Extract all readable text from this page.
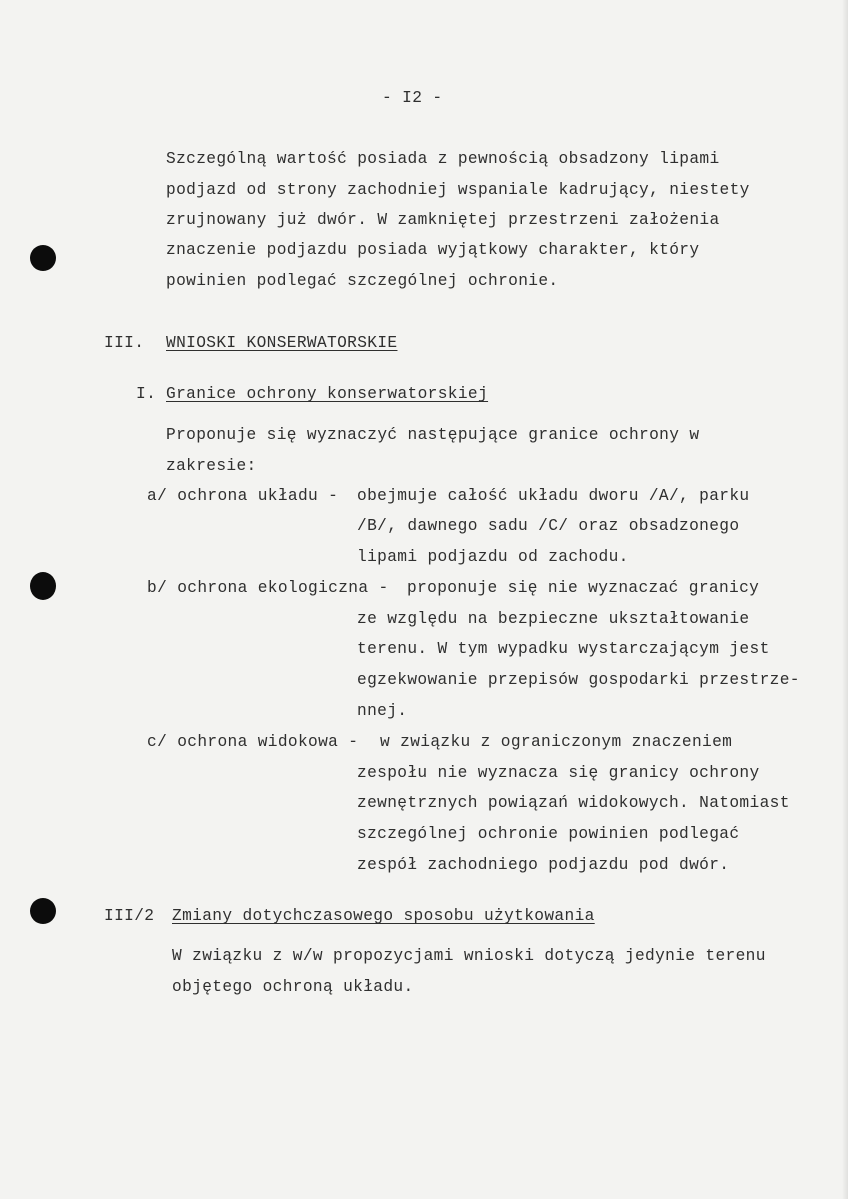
- I2 -
Szczególną wartość posiada z pewnością obsadzony lipami
podjazd od strony zachodniej wspaniale kadrujący, niestety
zrujnowany już dwór. W zamkniętej przestrzeni założenia
znaczenie podjazdu posiada wyjątkowy charakter, który
powinien podlegać szczególnej ochronie.
III. WNIOSKI KONSERWATORSKIE
I. Granice ochrony konserwatorskiej
Proponuje się wyznaczyć następujące granice ochrony w
zakresie:
a/ ochrona układu - obejmuje całość układu dworu /A/, parku
/B/, dawnego sadu /C/ oraz obsadzonego
lipami podjazdu od zachodu.
b/ ochrona ekologiczna - proponuje się nie wyznaczać granicy
ze względu na bezpieczne ukształtowanie
terenu. W tym wypadku wystarczającym jest
egzekwowanie przepisów gospodarki przestrze-
nnej.
c/ ochrona widokowa - w związku z ograniczonym znaczeniem
zespołu nie wyznacza się granicy ochrony
zewnętrznych powiązań widokowych. Natomiast
szczególnej ochronie powinien podlegać
zespół zachodniego podjazdu pod dwór.
III/2 Zmiany dotychczasowego sposobu użytkowania
W związku z w/w propozycjami wnioski dotyczą jedynie terenu
objętego ochroną układu.
